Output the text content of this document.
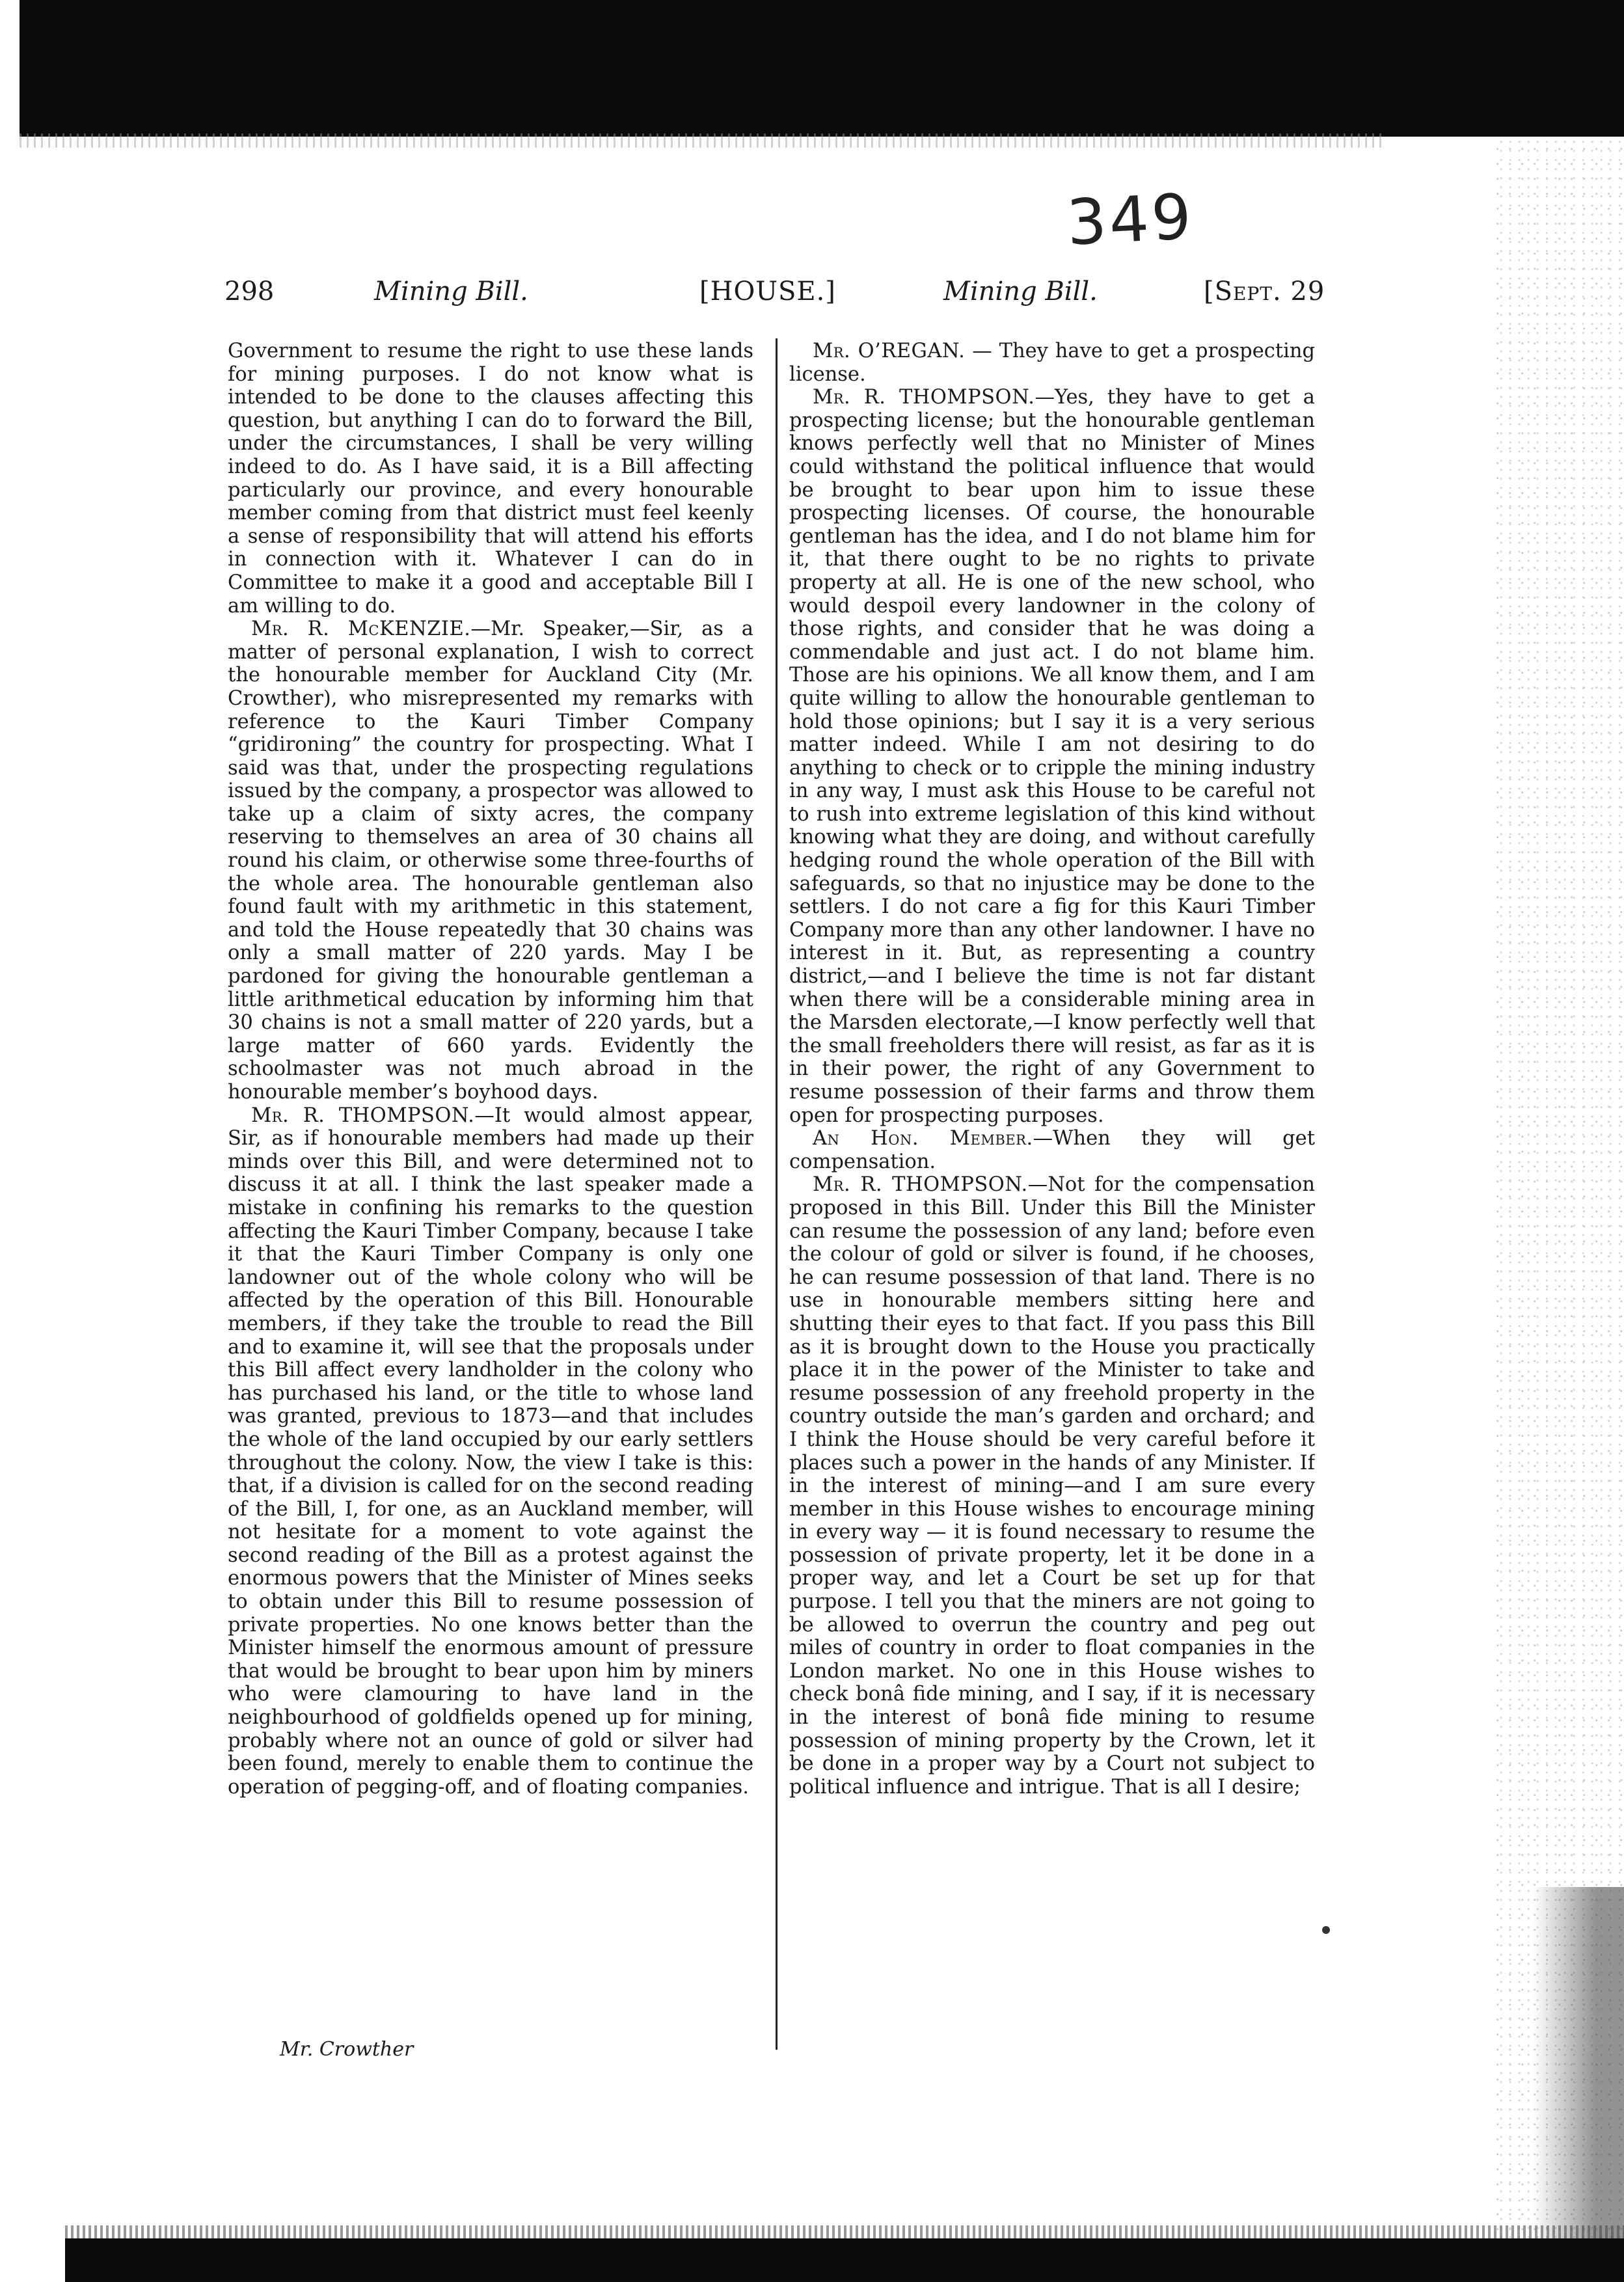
349
298	Mining Bill.	[HOUSE.]	Mining Bill.	[Sept. 29

Government to resume the right to use these lands for mining purposes. I do not know what is intended to be done to the clauses affecting this question, but anything I can do to forward the Bill, under the circumstances, I shall be very willing indeed to do. As I have said, it is a Bill affecting particularly our province, and every honourable member coming from that district must feel keenly a sense of responsibility that will attend his efforts in connection with it. Whatever I can do in Committee to make it a good and acceptable Bill I am willing to do.

Mr. R. McKENZIE.—Mr. Speaker,—Sir, as a matter of personal explanation, I wish to correct the honourable member for Auckland City (Mr. Crowther), who misrepresented my remarks with reference to the Kauri Timber Company “gridironing” the country for prospecting. What I said was that, under the prospecting regulations issued by the company, a prospector was allowed to take up a claim of sixty acres, the company reserving to themselves an area of 30 chains all round his claim, or otherwise some three-fourths of the whole area. The honourable gentleman also found fault with my arithmetic in this statement, and told the House repeatedly that 30 chains was only a small matter of 220 yards. May I be pardoned for giving the honourable gentleman a little arithmetical education by informing him that 30 chains is not a small matter of 220 yards, but a large matter of 660 yards. Evidently the schoolmaster was not much abroad in the honourable member’s boyhood days.

Mr. R. THOMPSON.—It would almost appear, Sir, as if honourable members had made up their minds over this Bill, and were determined not to discuss it at all. I think the last speaker made a mistake in confining his remarks to the question affecting the Kauri Timber Company, because I take it that the Kauri Timber Company is only one landowner out of the whole colony who will be affected by the operation of this Bill. Honourable members, if they take the trouble to read the Bill and to examine it, will see that the proposals under this Bill affect every landholder in the colony who has purchased his land, or the title to whose land was granted, previous to 1873—and that includes the whole of the land occupied by our early settlers throughout the colony. Now, the view I take is this: that, if a division is called for on the second reading of the Bill, I, for one, as an Auckland member, will not hesitate for a moment to vote against the second reading of the Bill as a protest against the enormous powers that the Minister of Mines seeks to obtain under this Bill to resume possession of private properties. No one knows better than the Minister himself the enormous amount of pressure that would be brought to bear upon him by miners who were clamouring to have land in the neighbourhood of goldfields opened up for mining, probably where not an ounce of gold or silver had been found, merely to enable them to continue the operation of pegging-off, and of floating companies.

Mr. O’REGAN. — They have to get a prospecting license.

Mr. R. THOMPSON.—Yes, they have to get a prospecting license; but the honourable gentleman knows perfectly well that no Minister of Mines could withstand the political influence that would be brought to bear upon him to issue these prospecting licenses. Of course, the honourable gentleman has the idea, and I do not blame him for it, that there ought to be no rights to private property at all. He is one of the new school, who would despoil every landowner in the colony of those rights, and consider that he was doing a commendable and just act. I do not blame him. Those are his opinions. We all know them, and I am quite willing to allow the honourable gentleman to hold those opinions; but I say it is a very serious matter indeed. While I am not desiring to do anything to check or to cripple the mining industry in any way, I must ask this House to be careful not to rush into extreme legislation of this kind without knowing what they are doing, and without carefully hedging round the whole operation of the Bill with safeguards, so that no injustice may be done to the settlers. I do not care a fig for this Kauri Timber Company more than any other landowner. I have no interest in it. But, as representing a country district,—and I believe the time is not far distant when there will be a considerable mining area in the Marsden electorate,—I know perfectly well that the small freeholders there will resist, as far as it is in their power, the right of any Government to resume possession of their farms and throw them open for prospecting purposes.

An Hon. Member.—When they will get compensation.

Mr. R. THOMPSON.—Not for the compensation proposed in this Bill. Under this Bill the Minister can resume the possession of any land; before even the colour of gold or silver is found, if he chooses, he can resume possession of that land. There is no use in honourable members sitting here and shutting their eyes to that fact. If you pass this Bill as it is brought down to the House you practically place it in the power of the Minister to take and resume possession of any freehold property in the country outside the man’s garden and orchard; and I think the House should be very careful before it places such a power in the hands of any Minister. If in the interest of mining—and I am sure every member in this House wishes to encourage mining in every way — it is found necessary to resume the possession of private property, let it be done in a proper way, and let a Court be set up for that purpose. I tell you that the miners are not going to be allowed to overrun the country and peg out miles of country in order to float companies in the London market. No one in this House wishes to check bonâ fide mining, and I say, if it is necessary in the interest of bonâ fide mining to resume possession of mining property by the Crown, let it be done in a proper way by a Court not subject to political influence and intrigue. That is all I desire;

Mr. Crowther
